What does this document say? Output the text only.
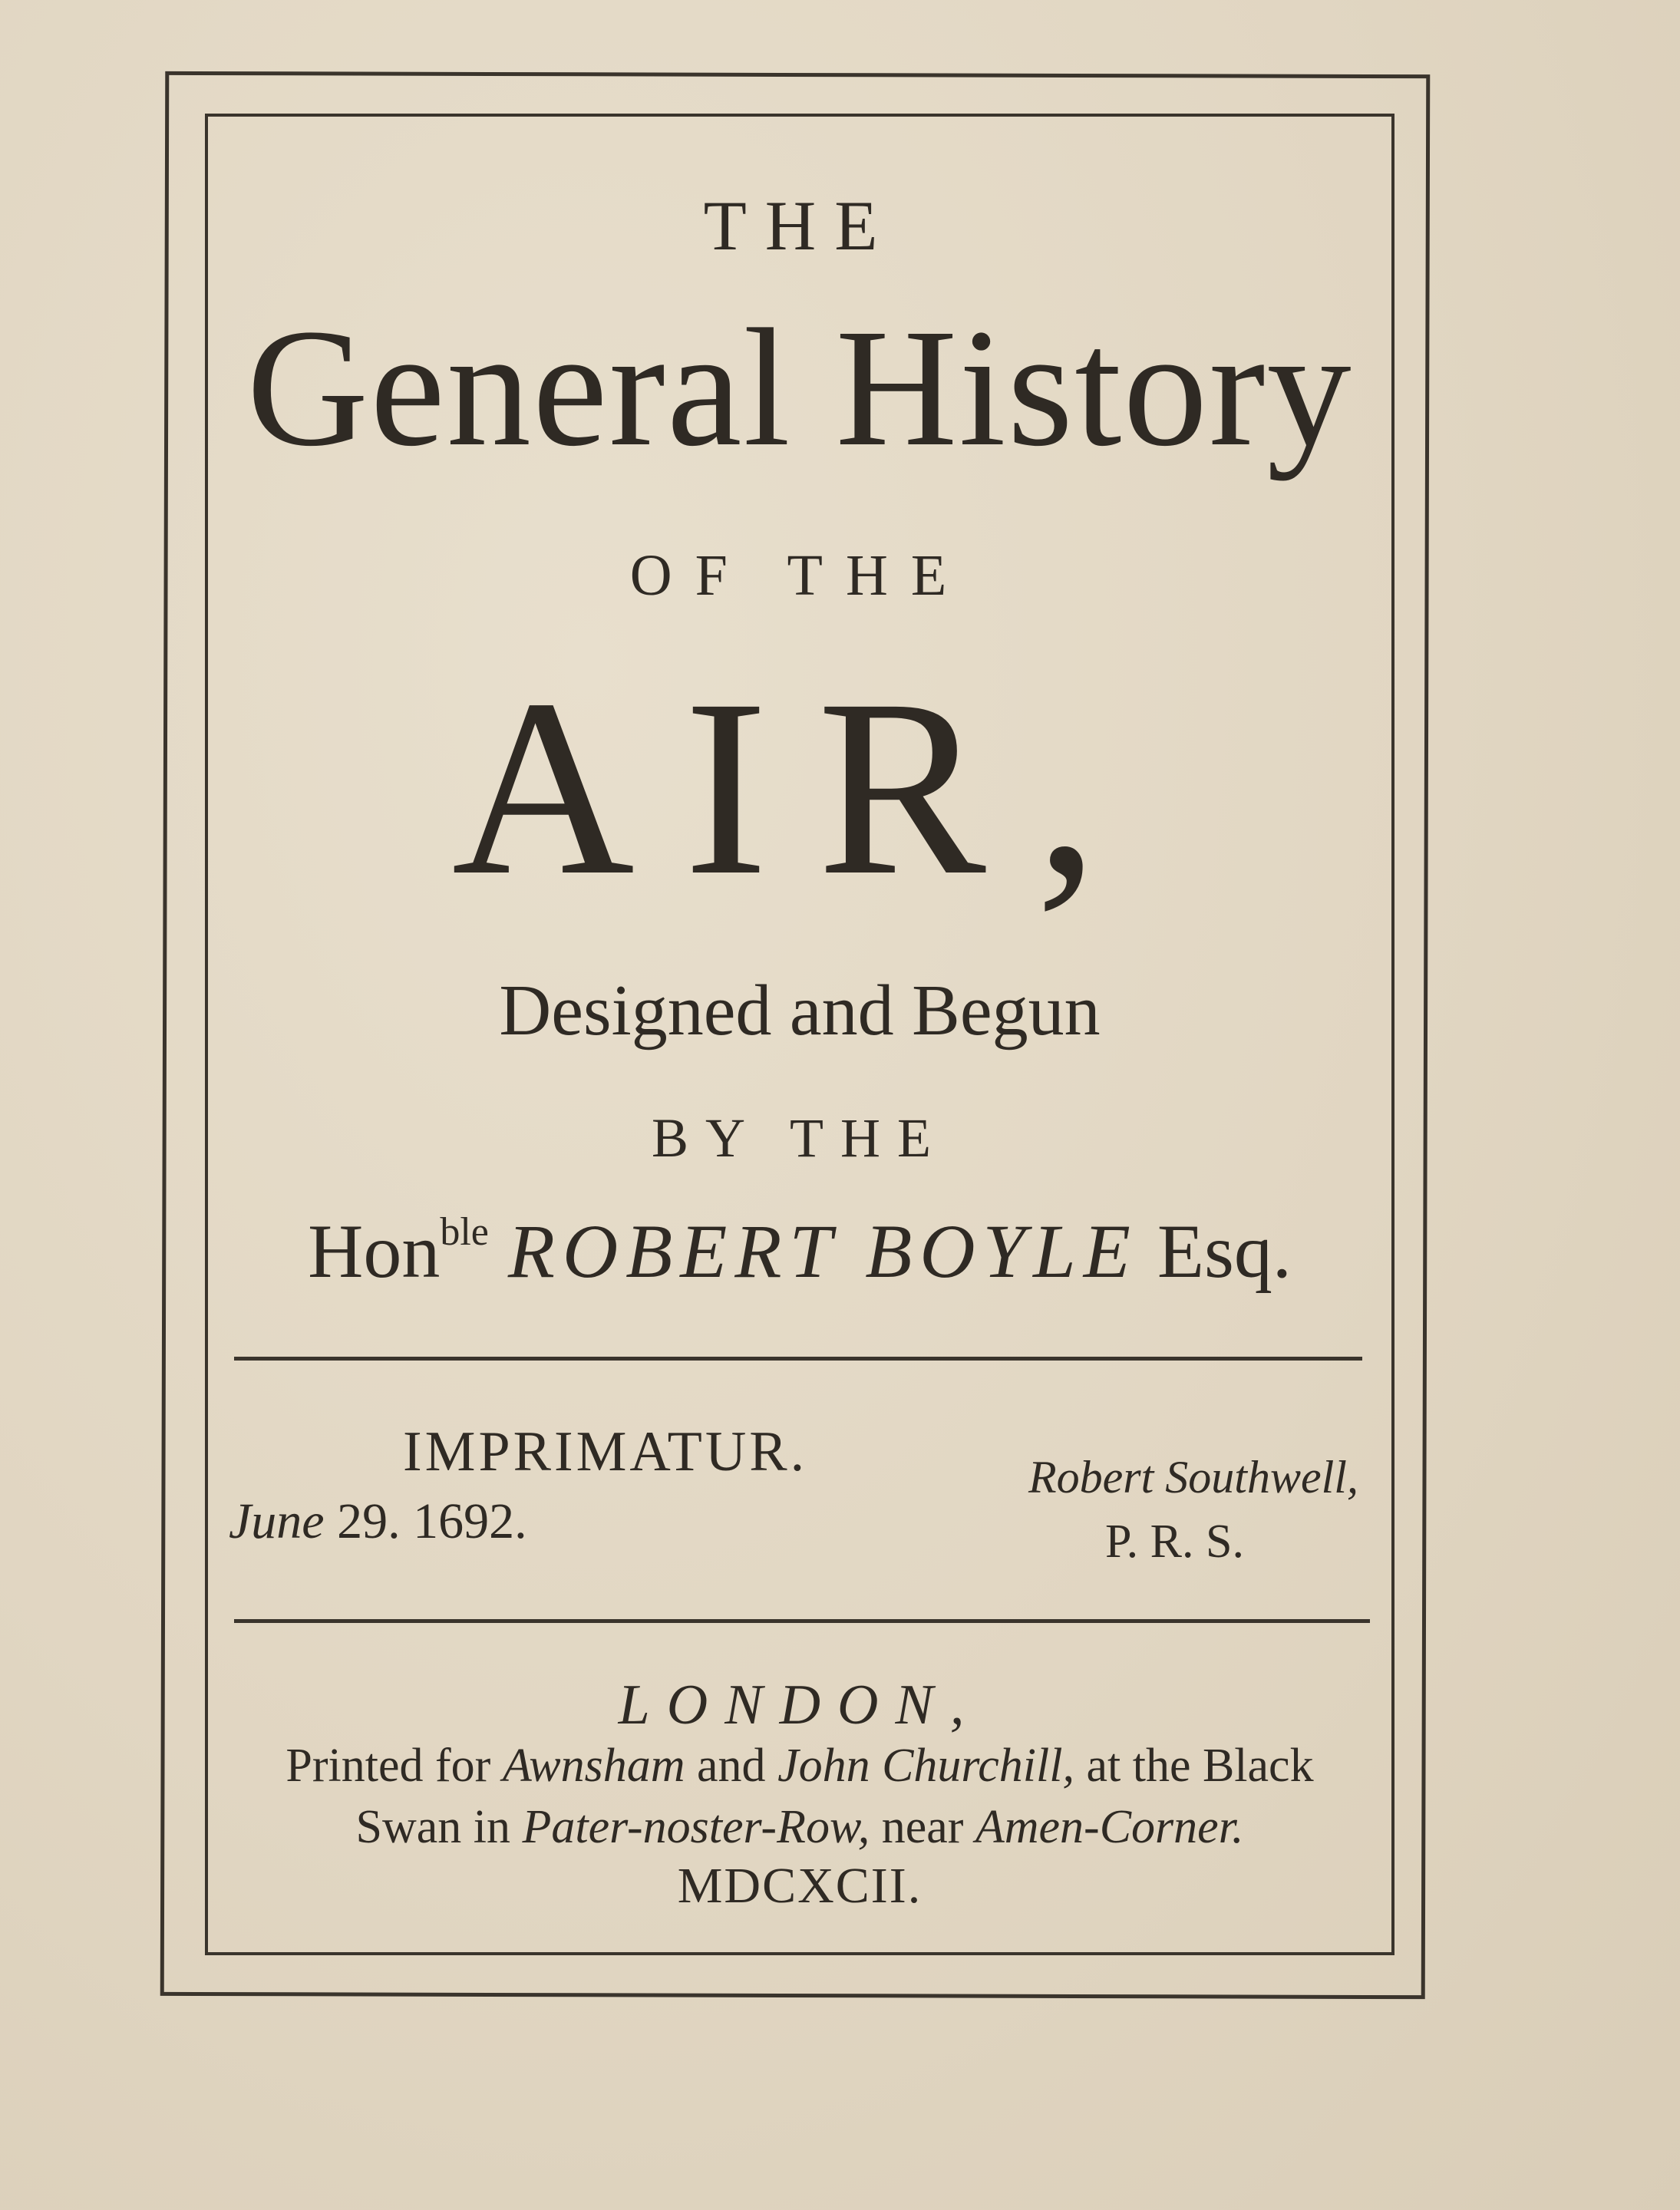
THE
General History
OF THE
AIR,
Designed and Begun
BY THE
Hon$^{ble}$ ROBERT BOYLE Esq.
IMPRIMATUR.
June 29. 1692.
Robert Southwell,
P. R. S.
LONDON,
Printed for Awnsham and John Churchill, at the Black
Swan in Pater-noster-Row, near Amen-Corner.
MDCXCII.
